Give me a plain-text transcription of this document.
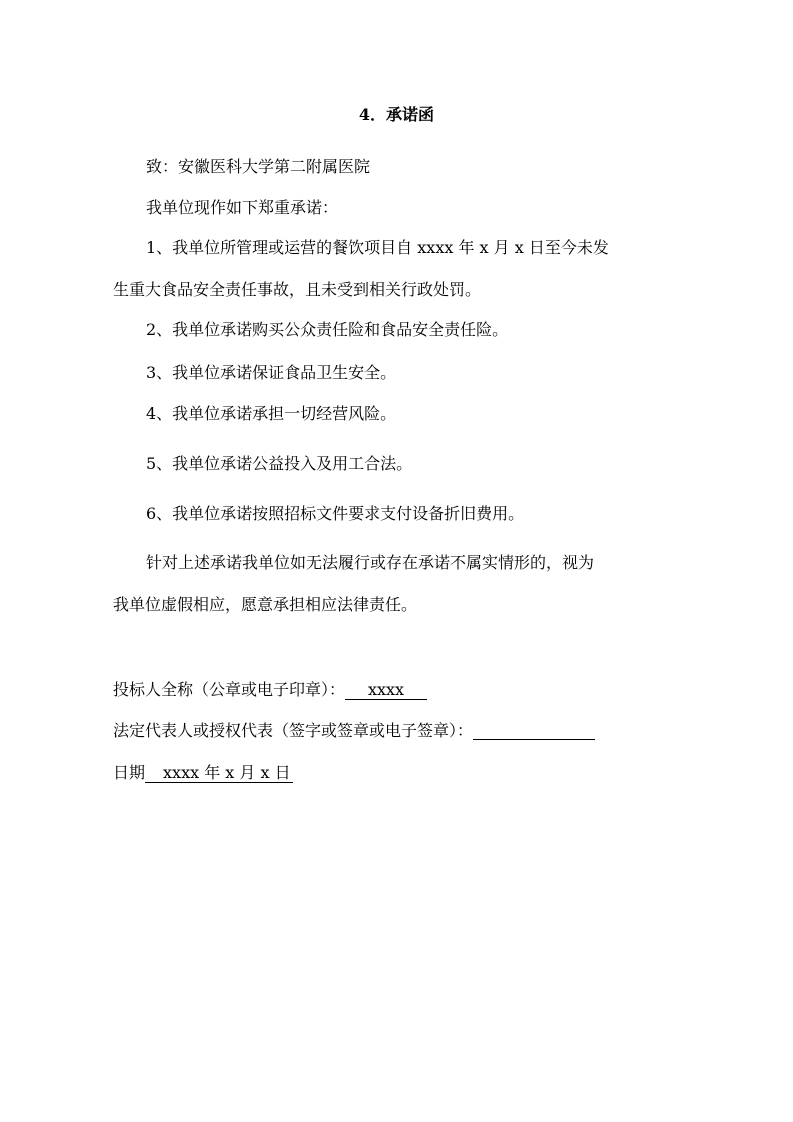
4．承诺函
致：安徽医科大学第二附属医院
我单位现作如下郑重承诺：
1、我单位所管理或运营的餐饮项目自 xxxx 年 x 月 x 日至今未发
生重大食品安全责任事故，且未受到相关行政处罚。
2、我单位承诺购买公众责任险和食品安全责任险。
3、我单位承诺保证食品卫生安全。
4、我单位承诺承担一切经营风险。
5、我单位承诺公益投入及用工合法。
6、我单位承诺按照招标文件要求支付设备折旧费用。
针对上述承诺我单位如无法履行或存在承诺不属实情形的，视为
我单位虚假相应，愿意承担相应法律责任。
投标人全称（公章或电子印章）： xxxx
法定代表人或授权代表（签字或签章或电子签章）：
日期 xxxx 年 x 月 x 日
